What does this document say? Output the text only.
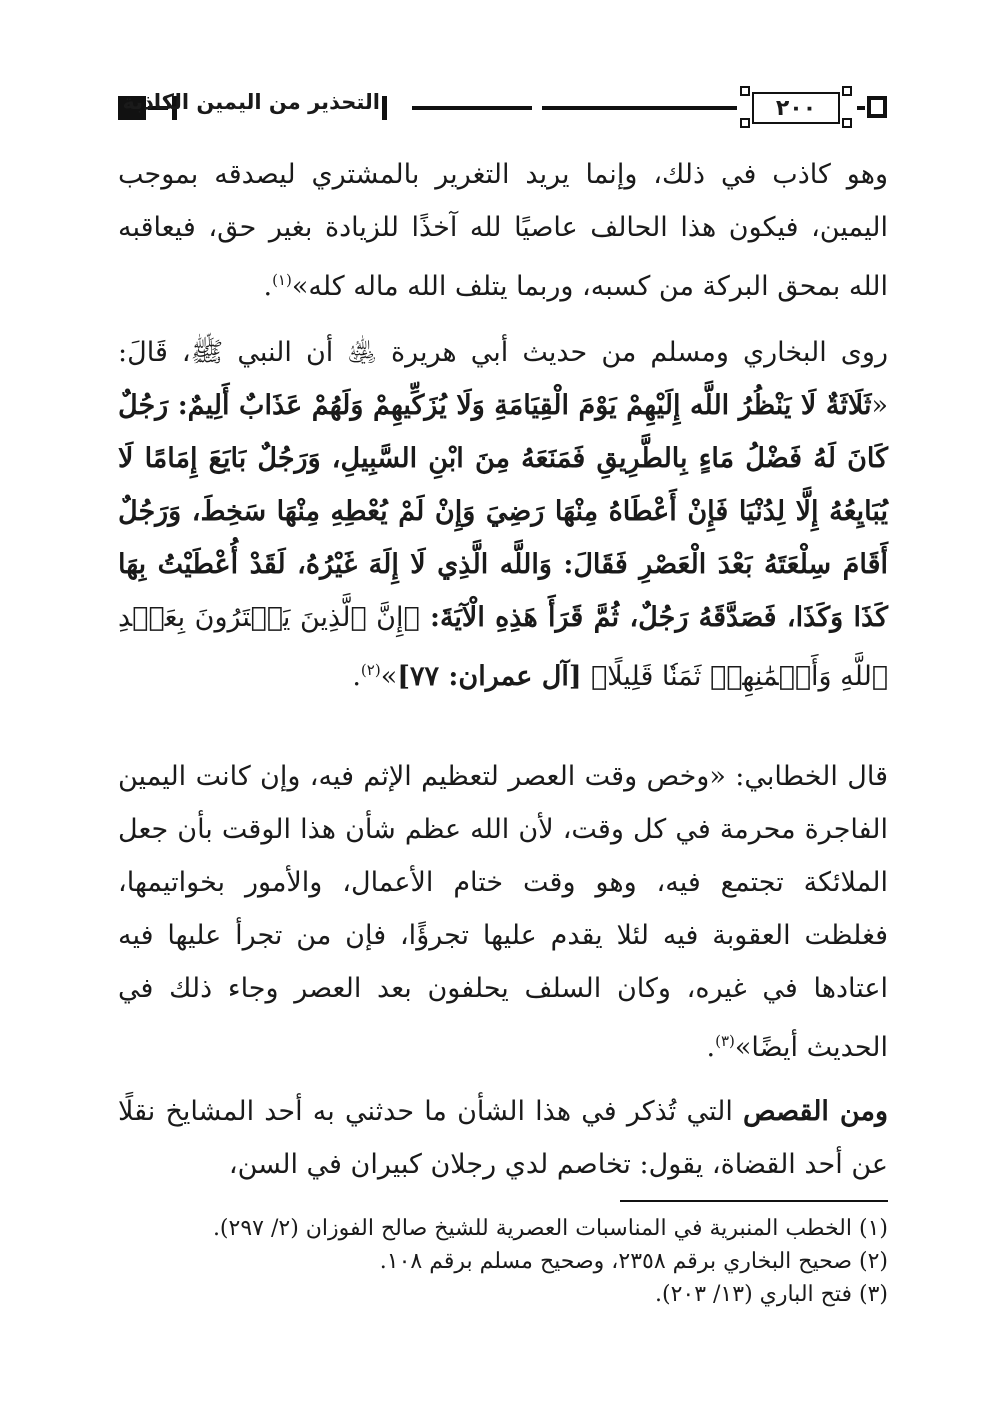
التحذير من اليمين الكاذبة	٢٠٠
وهو كاذب في ذلك، وإنما يريد التغرير بالمشتري ليصدقه بموجب اليمين، فيكون هذا الحالف عاصيًا لله آخذًا للزيادة بغير حق، فيعاقبه الله بمحق البركة من كسبه، وربما يتلف الله ماله كله»$^{(١)}$.
روى البخاري ومسلم من حديث أبي هريرة ﵁ أن النبي ﷺ، قَالَ: «ثَلَاثَةٌ لَا يَنْظُرُ اللَّه إِلَيْهِمْ يَوْمَ الْقِيَامَةِ وَلَا يُزَكِّيهِمْ وَلَهُمْ عَذَابٌ أَلِيمٌ: رَجُلٌ كَانَ لَهُ فَضْلُ مَاءٍ بِالطَّرِيقِ فَمَنَعَهُ مِنَ ابْنِ السَّبِيلِ، وَرَجُلٌ بَايَعَ إِمَامًا لَا يُبَايِعُهُ إِلَّا لِدُنْيَا فَإِنْ أَعْطَاهُ مِنْهَا رَضِيَ وَإِنْ لَمْ يُعْطِهِ مِنْهَا سَخِطَ، وَرَجُلٌ أَقَامَ سِلْعَتَهُ بَعْدَ الْعَصْرِ فَقَالَ: وَاللَّه الَّذِي لَا إِلَهَ غَيْرُهُ، لَقَدْ أُعْطَيْتُ بِهَا كَذَا وَكَذَا، فَصَدَّقَهُ رَجُلٌ، ثُمَّ قَرَأَ هَذِهِ الْآيَةَ: ﴿إِنَّ ٱلَّذِينَ يَشۡتَرُونَ بِعَهۡدِ ٱللَّهِ وَأَيۡمَٰنِهِمۡ ثَمَنٗا قَلِيلًا﴾ [آل عمران: ٧٧]»$^{(٢)}$.
قال الخطابي: «وخص وقت العصر لتعظيم الإثم فيه، وإن كانت اليمين الفاجرة محرمة في كل وقت، لأن الله عظم شأن هذا الوقت بأن جعل الملائكة تجتمع فيه، وهو وقت ختام الأعمال، والأمور بخواتيمها، فغلظت العقوبة فيه لئلا يقدم عليها تجرؤًا، فإن من تجرأ عليها فيه اعتادها في غيره، وكان السلف يحلفون بعد العصر وجاء ذلك في الحديث أيضًا»$^{(٣)}$.
ومن القصص التي تُذكر في هذا الشأن ما حدثني به أحد المشايخ نقلًا عن أحد القضاة، يقول: تخاصم لدي رجلان كبيران في السن،
(١) الخطب المنبرية في المناسبات العصرية للشيخ صالح الفوزان (٢/ ٢٩٧).
(٢) صحيح البخاري برقم ٢٣٥٨، وصحيح مسلم برقم ١٠٨.
(٣) فتح الباري (١٣/ ٢٠٣).
